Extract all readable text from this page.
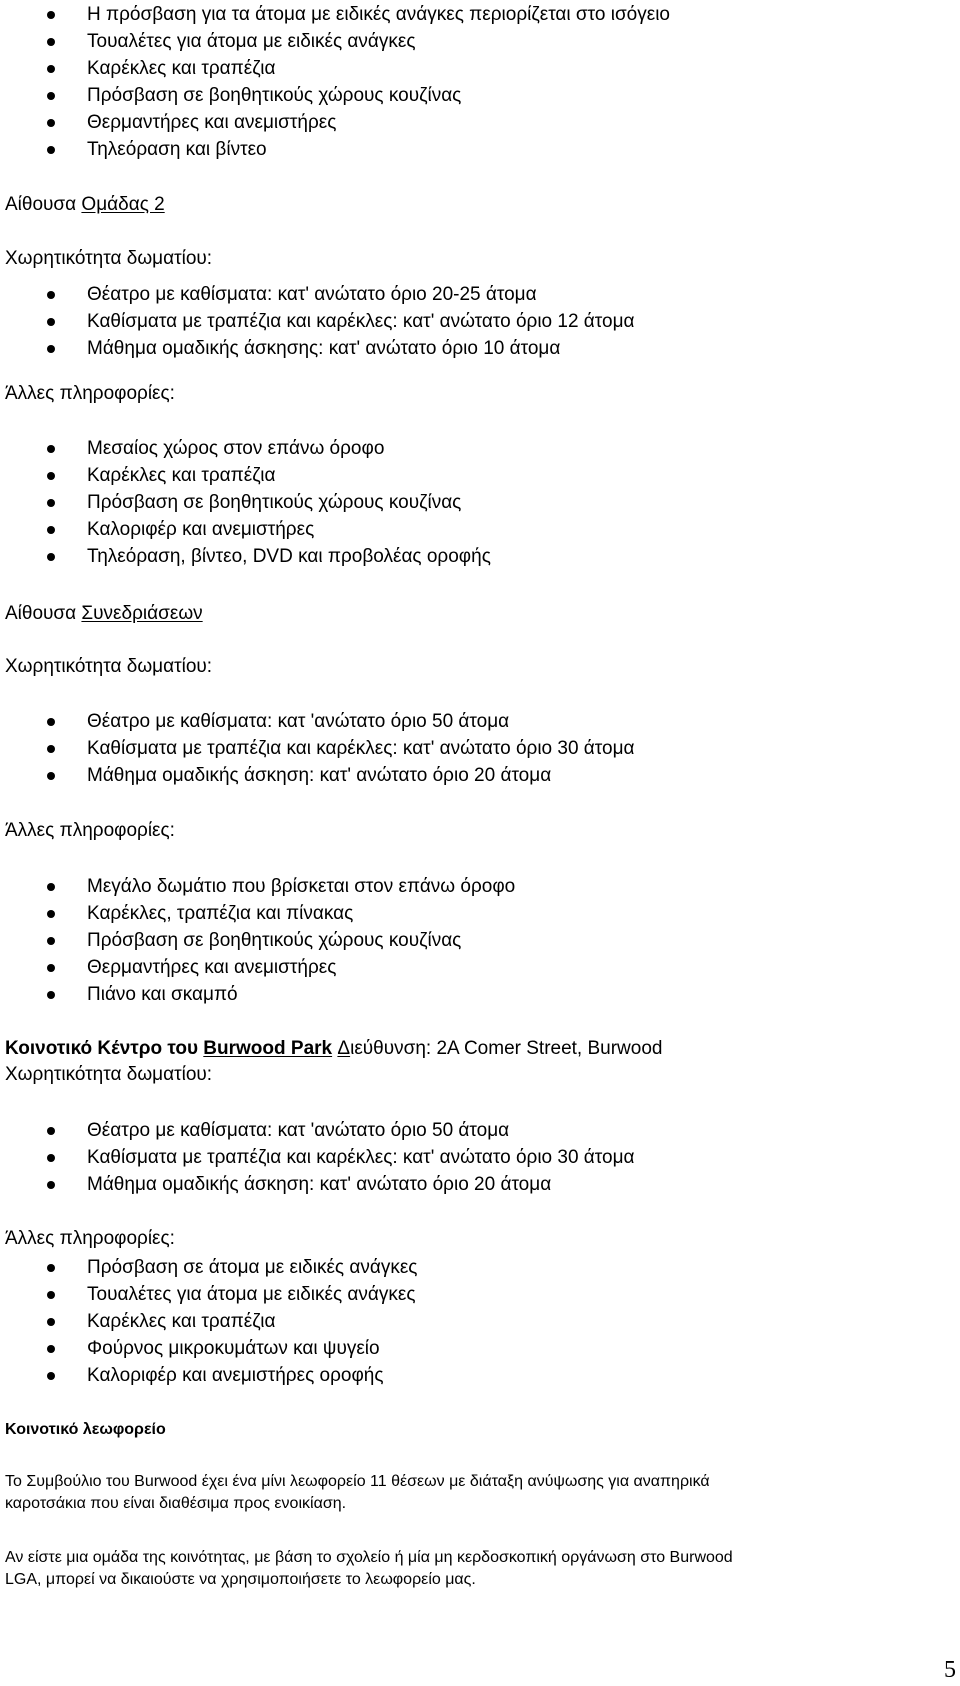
Η πρόσβαση για τα άτομα με ειδικές ανάγκες περιορίζεται στο ισόγειο
Τουαλέτες για άτομα με ειδικές ανάγκες
Καρέκλες και τραπέζια
Πρόσβαση σε βοηθητικούς χώρους κουζίνας
Θερμαντήρες και ανεμιστήρες
Τηλεόραση και βίντεο
Αίθουσα Ομάδας 2
Χωρητικότητα δωματίου:
Θέατρο με καθίσματα: κατ' ανώτατο όριο 20-25 άτομα
Καθίσματα με τραπέζια και καρέκλες: κατ' ανώτατο όριο 12 άτομα
Μάθημα ομαδικής άσκησης: κατ' ανώτατο όριο 10 άτομα
Άλλες πληροφορίες:
Μεσαίος χώρος στον επάνω όροφο
Καρέκλες και τραπέζια
Πρόσβαση σε βοηθητικούς χώρους κουζίνας
Καλοριφέρ και ανεμιστήρες
Τηλεόραση, βίντεο, DVD και προβολέας οροφής
Αίθουσα Συνεδριάσεων
Χωρητικότητα δωματίου:
Θέατρο με καθίσματα: κατ 'ανώτατο όριο 50 άτομα
Καθίσματα με τραπέζια και καρέκλες: κατ' ανώτατο όριο 30 άτομα
Μάθημα ομαδικής άσκηση: κατ' ανώτατο όριο 20 άτομα
Άλλες πληροφορίες:
Μεγάλο δωμάτιο που βρίσκεται στον επάνω όροφο
Καρέκλες, τραπέζια και πίνακας
Πρόσβαση σε βοηθητικούς χώρους κουζίνας
Θερμαντήρες και ανεμιστήρες
Πιάνο και σκαμπό
Κοινοτικό Κέντρο του Burwood Park Διεύθυνση: 2A Comer Street, Burwood
Χωρητικότητα δωματίου:
Θέατρο με καθίσματα: κατ 'ανώτατο όριο 50 άτομα
Καθίσματα με τραπέζια και καρέκλες: κατ' ανώτατο όριο 30 άτομα
Μάθημα ομαδικής άσκηση: κατ' ανώτατο όριο 20 άτομα
Άλλες πληροφορίες:
Πρόσβαση σε άτομα με ειδικές ανάγκες
Τουαλέτες για άτομα με ειδικές ανάγκες
Καρέκλες και τραπέζια
Φούρνος μικροκυμάτων και ψυγείο
Καλοριφέρ και ανεμιστήρες οροφής
Κοινοτικό λεωφορείο
Το Συμβούλιο του Burwood έχει ένα μίνι λεωφορείο 11 θέσεων με διάταξη ανύψωσης για αναπηρικά
καροτσάκια που είναι διαθέσιμα προς ενοικίαση.
Αν είστε μια ομάδα της κοινότητας, με βάση το σχολείο ή μία μη κερδοσκοπική οργάνωση στο Burwood
LGA, μπορεί να δικαιούστε να χρησιμοποιήσετε το λεωφορείο μας.
5
